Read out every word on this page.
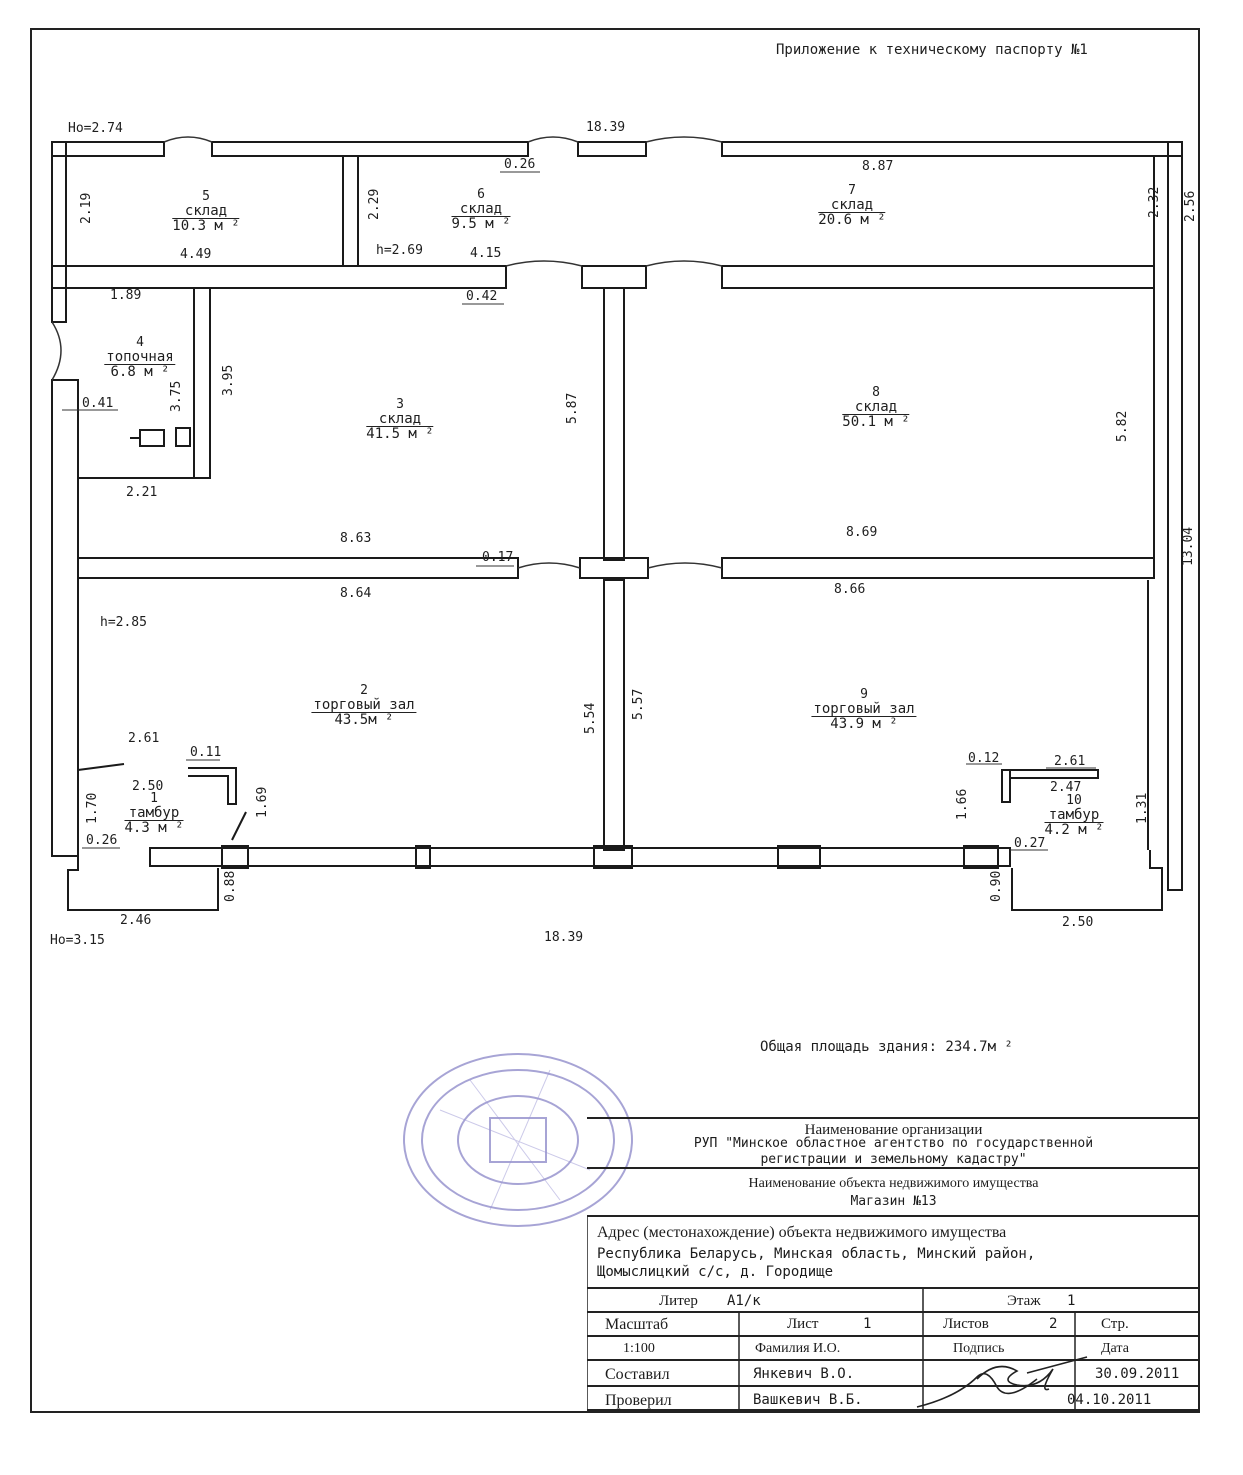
Приложение к техническому паспорту №1
Hо=2.74
Hо=3.15
h=2.69
h=2.85
5
склад
10.3 м ²
6
склад
9.5 м ²
7
склад
20.6 м ²
4
топочная
6.8 м ²
3
склад
41.5 м ²
8
склад
50.1 м ²
2
торговый зал
43.5м ²
9
торговый зал
43.9 м ²
1
тамбур
4.3 м ²
10
тамбур
4.2 м ²
18.39
18.39
0.26	8.87
4.49	4.15
0.42
1.89
0.41
2.21
8.63	8.69
0.17
8.64	8.66
2.61
0.11
2.50
0.26
2.46
0.12	2.61
2.47
0.27
2.50
2.19	2.29	2.32 2.56
3.95
3.75	5.87
5.82
13.04
5.54	5.57
1.70	1.69
0.88
1.66	1.31
0.90
Общая площадь здания: 234.7м ²
Наименование организации
РУП "Минское областное агентство по государственной
регистрации и земельному кадастру"
Наименование объекта недвижимого имущества
Магазин №13
Адрес (местонахождение) объекта недвижимого имущества
Республика Беларусь, Минская область, Минский район,
Щомыслицкий с/с, д. Городище
Литер А1/к	Этаж 1
Масштаб	Лист	1	Листов	2	Стр.
1:100	Фамилия И.О.	Подпись	Дата
Составил	Янкевич В.О.	30.09.2011
Проверил	Вашкевич В.Б.	04.10.2011
